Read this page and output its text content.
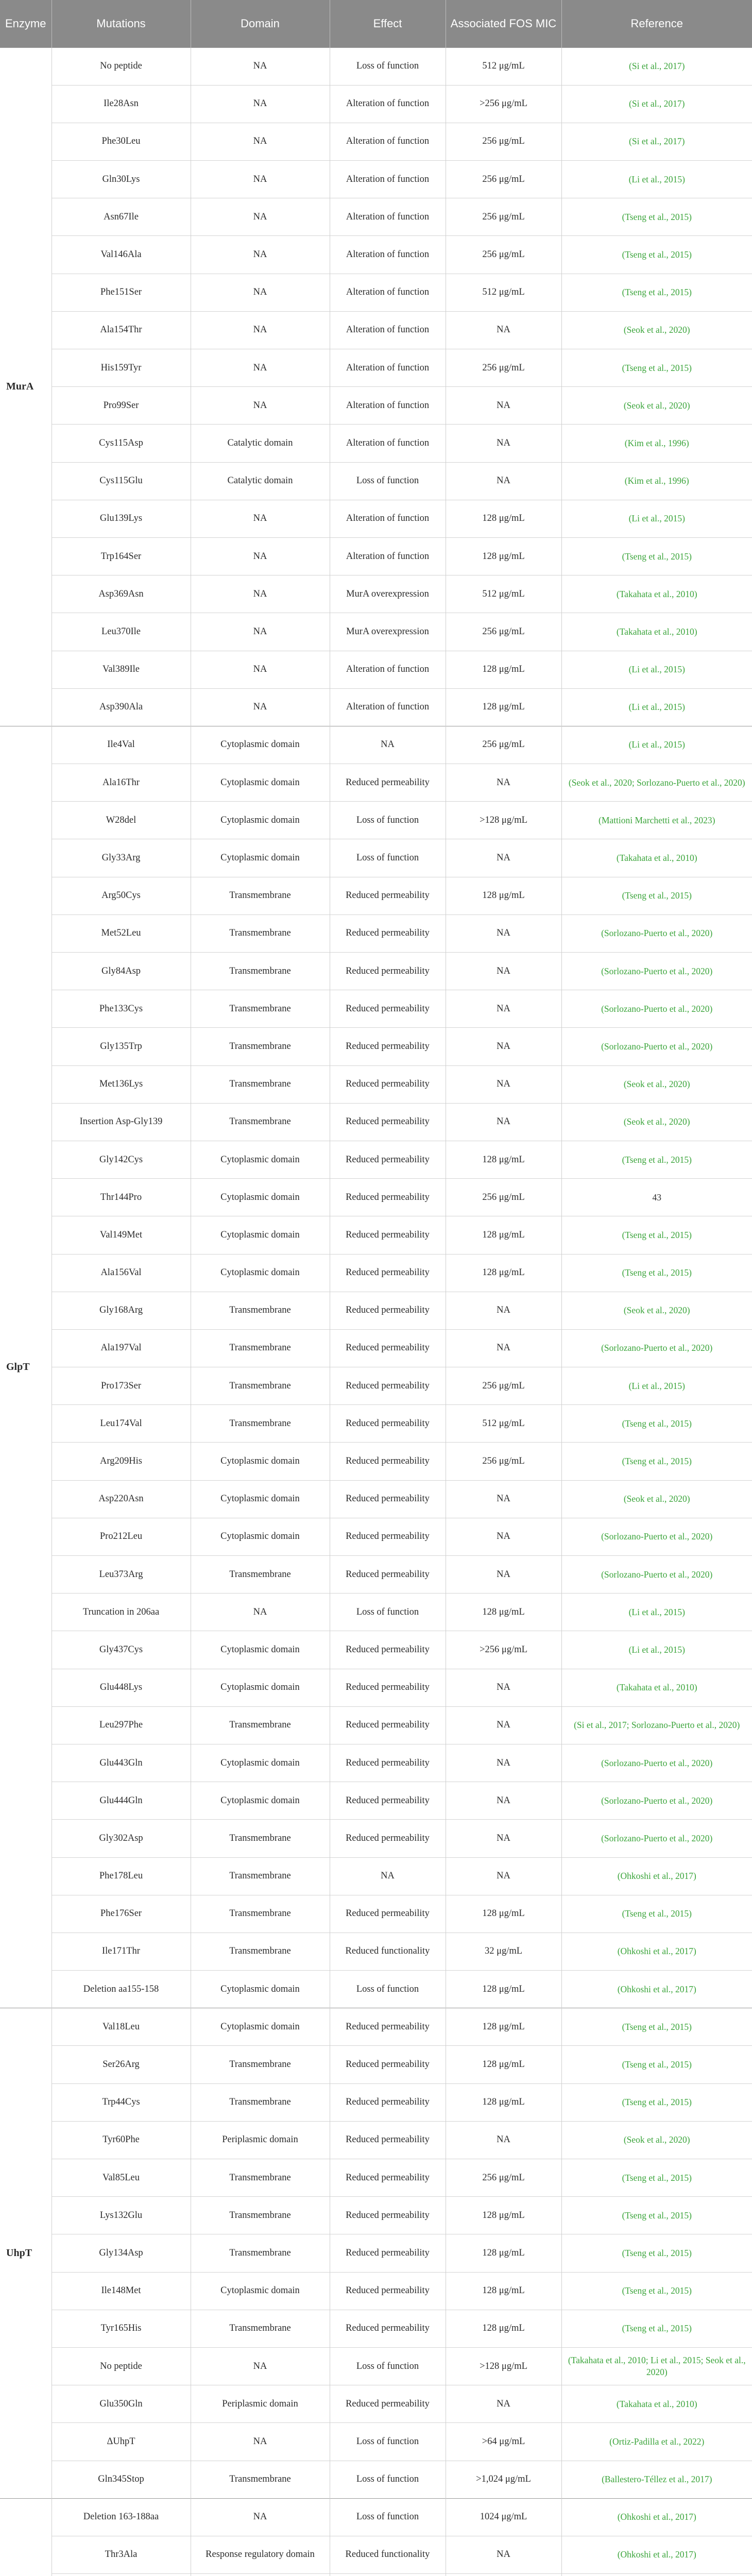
Enzyme	Mutations	Domain	Effect	Associated FOS MIC	Reference
MurA	No peptide	NA	Loss of function	512 μg/mL	(Si et al., 2017)
	Ile28Asn	NA	Alteration of function	>256 μg/mL	(Si et al., 2017)
	Phe30Leu	NA	Alteration of function	256 μg/mL	(Si et al., 2017)
	Gln30Lys	NA	Alteration of function	256 μg/mL	(Li et al., 2015)
	Asn67Ile	NA	Alteration of function	256 μg/mL	(Tseng et al., 2015)
	Val146Ala	NA	Alteration of function	256 μg/mL	(Tseng et al., 2015)
	Phe151Ser	NA	Alteration of function	512 μg/mL	(Tseng et al., 2015)
	Ala154Thr	NA	Alteration of function	NA	(Seok et al., 2020)
	His159Tyr	NA	Alteration of function	256 μg/mL	(Tseng et al., 2015)
	Pro99Ser	NA	Alteration of function	NA	(Seok et al., 2020)
	Cys115Asp	Catalytic domain	Alteration of function	NA	(Kim et al., 1996)
	Cys115Glu	Catalytic domain	Loss of function	NA	(Kim et al., 1996)
	Glu139Lys	NA	Alteration of function	128 μg/mL	(Li et al., 2015)
	Trp164Ser	NA	Alteration of function	128 μg/mL	(Tseng et al., 2015)
	Asp369Asn	NA	MurA overexpression	512 μg/mL	(Takahata et al., 2010)
	Leu370Ile	NA	MurA overexpression	256 μg/mL	(Takahata et al., 2010)
	Val389Ile	NA	Alteration of function	128 μg/mL	(Li et al., 2015)
	Asp390Ala	NA	Alteration of function	128 μg/mL	(Li et al., 2015)
GlpT	Ile4Val	Cytoplasmic domain	NA	256 μg/mL	(Li et al., 2015)
	Ala16Thr	Cytoplasmic domain	Reduced permeability	NA	(Seok et al., 2020; Sorlozano-Puerto et al., 2020)
	W28del	Cytoplasmic domain	Loss of function	>128 μg/mL	(Mattioni Marchetti et al., 2023)
	Gly33Arg	Cytoplasmic domain	Loss of function	NA	(Takahata et al., 2010)
	Arg50Cys	Transmembrane	Reduced permeability	128 μg/mL	(Tseng et al., 2015)
	Met52Leu	Transmembrane	Reduced permeability	NA	(Sorlozano-Puerto et al., 2020)
	Gly84Asp	Transmembrane	Reduced permeability	NA	(Sorlozano-Puerto et al., 2020)
	Phe133Cys	Transmembrane	Reduced permeability	NA	(Sorlozano-Puerto et al., 2020)
	Gly135Trp	Transmembrane	Reduced permeability	NA	(Sorlozano-Puerto et al., 2020)
	Met136Lys	Transmembrane	Reduced permeability	NA	(Seok et al., 2020)
	Insertion Asp-Gly139	Transmembrane	Reduced permeability	NA	(Seok et al., 2020)
	Gly142Cys	Cytoplasmic domain	Reduced permeability	128 μg/mL	(Tseng et al., 2015)
	Thr144Pro	Cytoplasmic domain	Reduced permeability	256 μg/mL	43
	Val149Met	Cytoplasmic domain	Reduced permeability	128 μg/mL	(Tseng et al., 2015)
	Ala156Val	Cytoplasmic domain	Reduced permeability	128 μg/mL	(Tseng et al., 2015)
	Gly168Arg	Transmembrane	Reduced permeability	NA	(Seok et al., 2020)
	Ala197Val	Transmembrane	Reduced permeability	NA	(Sorlozano-Puerto et al., 2020)
	Pro173Ser	Transmembrane	Reduced permeability	256 μg/mL	(Li et al., 2015)
	Leu174Val	Transmembrane	Reduced permeability	512 μg/mL	(Tseng et al., 2015)
	Arg209His	Cytoplasmic domain	Reduced permeability	256 μg/mL	(Tseng et al., 2015)
	Asp220Asn	Cytoplasmic domain	Reduced permeability	NA	(Seok et al., 2020)
	Pro212Leu	Cytoplasmic domain	Reduced permeability	NA	(Sorlozano-Puerto et al., 2020)
	Leu373Arg	Transmembrane	Reduced permeability	NA	(Sorlozano-Puerto et al., 2020)
	Truncation in 206aa	NA	Loss of function	128 μg/mL	(Li et al., 2015)
	Gly437Cys	Cytoplasmic domain	Reduced permeability	>256 μg/mL	(Li et al., 2015)
	Glu448Lys	Cytoplasmic domain	Reduced permeability	NA	(Takahata et al., 2010)
	Leu297Phe	Transmembrane	Reduced permeability	NA	(Si et al., 2017; Sorlozano-Puerto et al., 2020)
	Glu443Gln	Cytoplasmic domain	Reduced permeability	NA	(Sorlozano-Puerto et al., 2020)
	Glu444Gln	Cytoplasmic domain	Reduced permeability	NA	(Sorlozano-Puerto et al., 2020)
	Gly302Asp	Transmembrane	Reduced permeability	NA	(Sorlozano-Puerto et al., 2020)
	Phe178Leu	Transmembrane	NA	NA	(Ohkoshi et al., 2017)
	Phe176Ser	Transmembrane	Reduced permeability	128 μg/mL	(Tseng et al., 2015)
	Ile171Thr	Transmembrane	Reduced functionality	32 μg/mL	(Ohkoshi et al., 2017)
	Deletion aa155-158	Cytoplasmic domain	Loss of function	128 μg/mL	(Ohkoshi et al., 2017)
UhpT	Val18Leu	Cytoplasmic domain	Reduced permeability	128 μg/mL	(Tseng et al., 2015)
	Ser26Arg	Transmembrane	Reduced permeability	128 μg/mL	(Tseng et al., 2015)
	Trp44Cys	Transmembrane	Reduced permeability	128 μg/mL	(Tseng et al., 2015)
	Tyr60Phe	Periplasmic domain	Reduced permeability	NA	(Seok et al., 2020)
	Val85Leu	Transmembrane	Reduced permeability	256 μg/mL	(Tseng et al., 2015)
	Lys132Glu	Transmembrane	Reduced permeability	128 μg/mL	(Tseng et al., 2015)
	Gly134Asp	Transmembrane	Reduced permeability	128 μg/mL	(Tseng et al., 2015)
	Ile148Met	Cytoplasmic domain	Reduced permeability	128 μg/mL	(Tseng et al., 2015)
	Tyr165His	Transmembrane	Reduced permeability	128 μg/mL	(Tseng et al., 2015)
	No peptide	NA	Loss of function	>128 μg/mL	(Takahata et al., 2010; Li et al., 2015; Seok et al., 2020)
	Glu350Gln	Periplasmic domain	Reduced permeability	NA	(Takahata et al., 2010)
	ΔUhpT	NA	Loss of function	>64 μg/mL	(Ortiz-Padilla et al., 2022)
	Gln345Stop	Transmembrane	Loss of function	>1,024 μg/mL	(Ballestero-Téllez et al., 2017)
	Deletion 163-188aa	NA	Loss of function	1024 μg/mL	(Ohkoshi et al., 2017)
	Thr3Ala	Response regulatory domain	Reduced functionality	NA	(Ohkoshi et al., 2017)
